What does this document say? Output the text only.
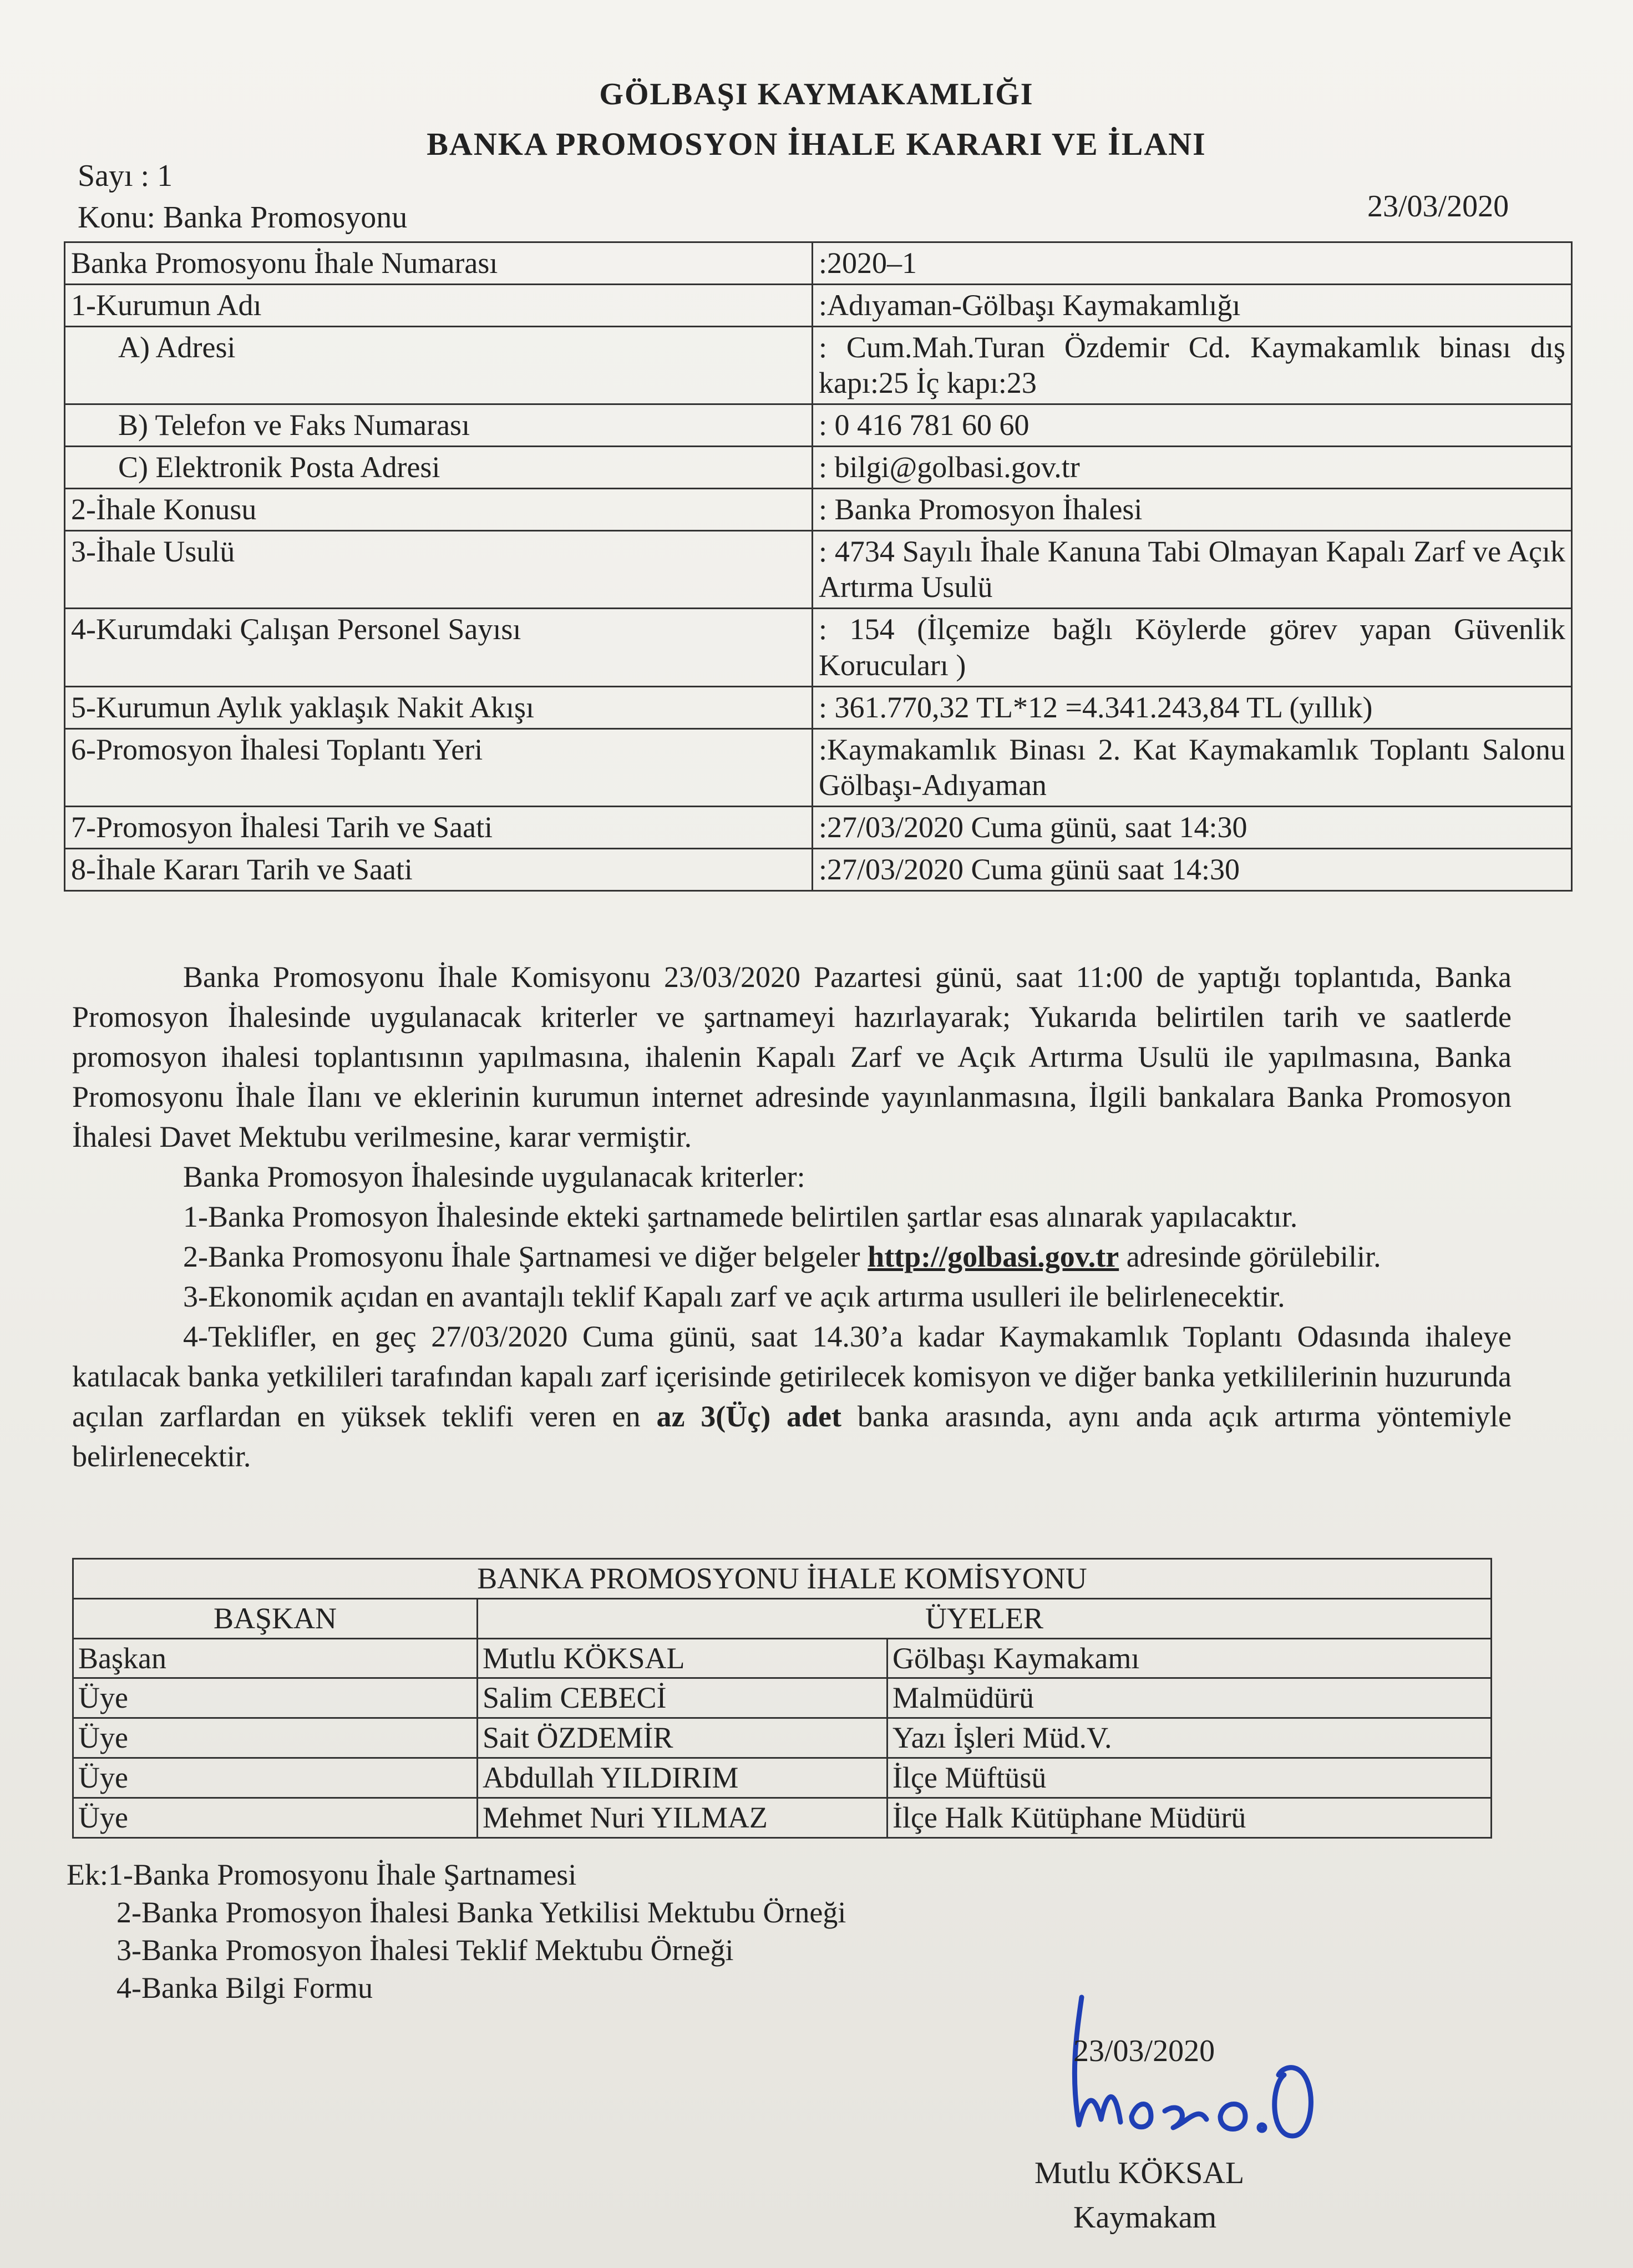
GÖLBAŞI KAYMAKAMLIĞI
BANKA PROMOSYON İHALE KARARI VE İLANI
Sayı : 1
Konu: Banka Promosyonu	23/03/2020
Banka Promosyonu İhale Numarası	:2020–1
1-Kurumun Adı	:Adıyaman-Gölbaşı Kaymakamlığı
A) Adresi	: Cum.Mah.Turan Özdemir Cd. Kaymakamlık binası dış kapı:25 İç kapı:23
B) Telefon ve Faks Numarası	: 0 416 781 60 60
C) Elektronik Posta Adresi	: bilgi@golbasi.gov.tr
2-İhale Konusu	: Banka Promosyon İhalesi
3-İhale Usulü	: 4734 Sayılı İhale Kanuna Tabi Olmayan Kapalı Zarf ve Açık Artırma Usulü
4-Kurumdaki Çalışan Personel Sayısı	: 154 (İlçemize bağlı Köylerde görev yapan Güvenlik Korucuları )
5-Kurumun Aylık yaklaşık Nakit Akışı	: 361.770,32 TL*12 =4.341.243,84 TL (yıllık)
6-Promosyon İhalesi Toplantı Yeri	:Kaymakamlık Binası 2. Kat Kaymakamlık Toplantı Salonu Gölbaşı-Adıyaman
7-Promosyon İhalesi Tarih ve Saati	:27/03/2020 Cuma günü, saat 14:30
8-İhale Kararı Tarih ve Saati	:27/03/2020 Cuma günü saat 14:30

Banka Promosyonu İhale Komisyonu 23/03/2020 Pazartesi günü, saat 11:00 de yaptığı toplantıda, Banka Promosyon İhalesinde uygulanacak kriterler ve şartnameyi hazırlayarak; Yukarıda belirtilen tarih ve saatlerde promosyon ihalesi toplantısının yapılmasına, ihalenin Kapalı Zarf ve Açık Artırma Usulü ile yapılmasına, Banka Promosyonu İhale İlanı ve eklerinin kurumun internet adresinde yayınlanmasına, İlgili bankalara Banka Promosyon İhalesi Davet Mektubu verilmesine, karar vermiştir.

Banka Promosyon İhalesinde uygulanacak kriterler:

1-Banka Promosyon İhalesinde ekteki şartnamede belirtilen şartlar esas alınarak yapılacaktır.

2-Banka Promosyonu İhale Şartnamesi ve diğer belgeler http://golbasi.gov.tr adresinde görülebilir.

3-Ekonomik açıdan en avantajlı teklif Kapalı zarf ve açık artırma usulleri ile belirlenecektir.

4-Teklifler, en geç 27/03/2020 Cuma günü, saat 14.30’a kadar Kaymakamlık Toplantı Odasında ihaleye katılacak banka yetkilileri tarafından kapalı zarf içerisinde getirilecek komisyon ve diğer banka yetkililerinin huzurunda açılan zarflardan en yüksek teklifi veren en az 3(Üç) adet banka arasında, aynı anda açık artırma yöntemiyle belirlenecektir.

BANKA PROMOSYONU İHALE KOMİSYONU		
BAŞKAN	ÜYELER	
Başkan	Mutlu KÖKSAL	Gölbaşı Kaymakamı
Üye	Salim CEBECİ	Malmüdürü
Üye	Sait ÖZDEMİR	Yazı İşleri Müd.V.
Üye	Abdullah YILDIRIM	İlçe Müftüsü
Üye	Mehmet Nuri YILMAZ	İlçe Halk Kütüphane Müdürü
Ek:1-Banka Promosyonu İhale Şartnamesi
2-Banka Promosyon İhalesi Banka Yetkilisi Mektubu Örneği
3-Banka Promosyon İhalesi Teklif Mektubu Örneği
4-Banka Bilgi Formu
23/03/2020
Mutlu KÖKSAL
Kaymakam
